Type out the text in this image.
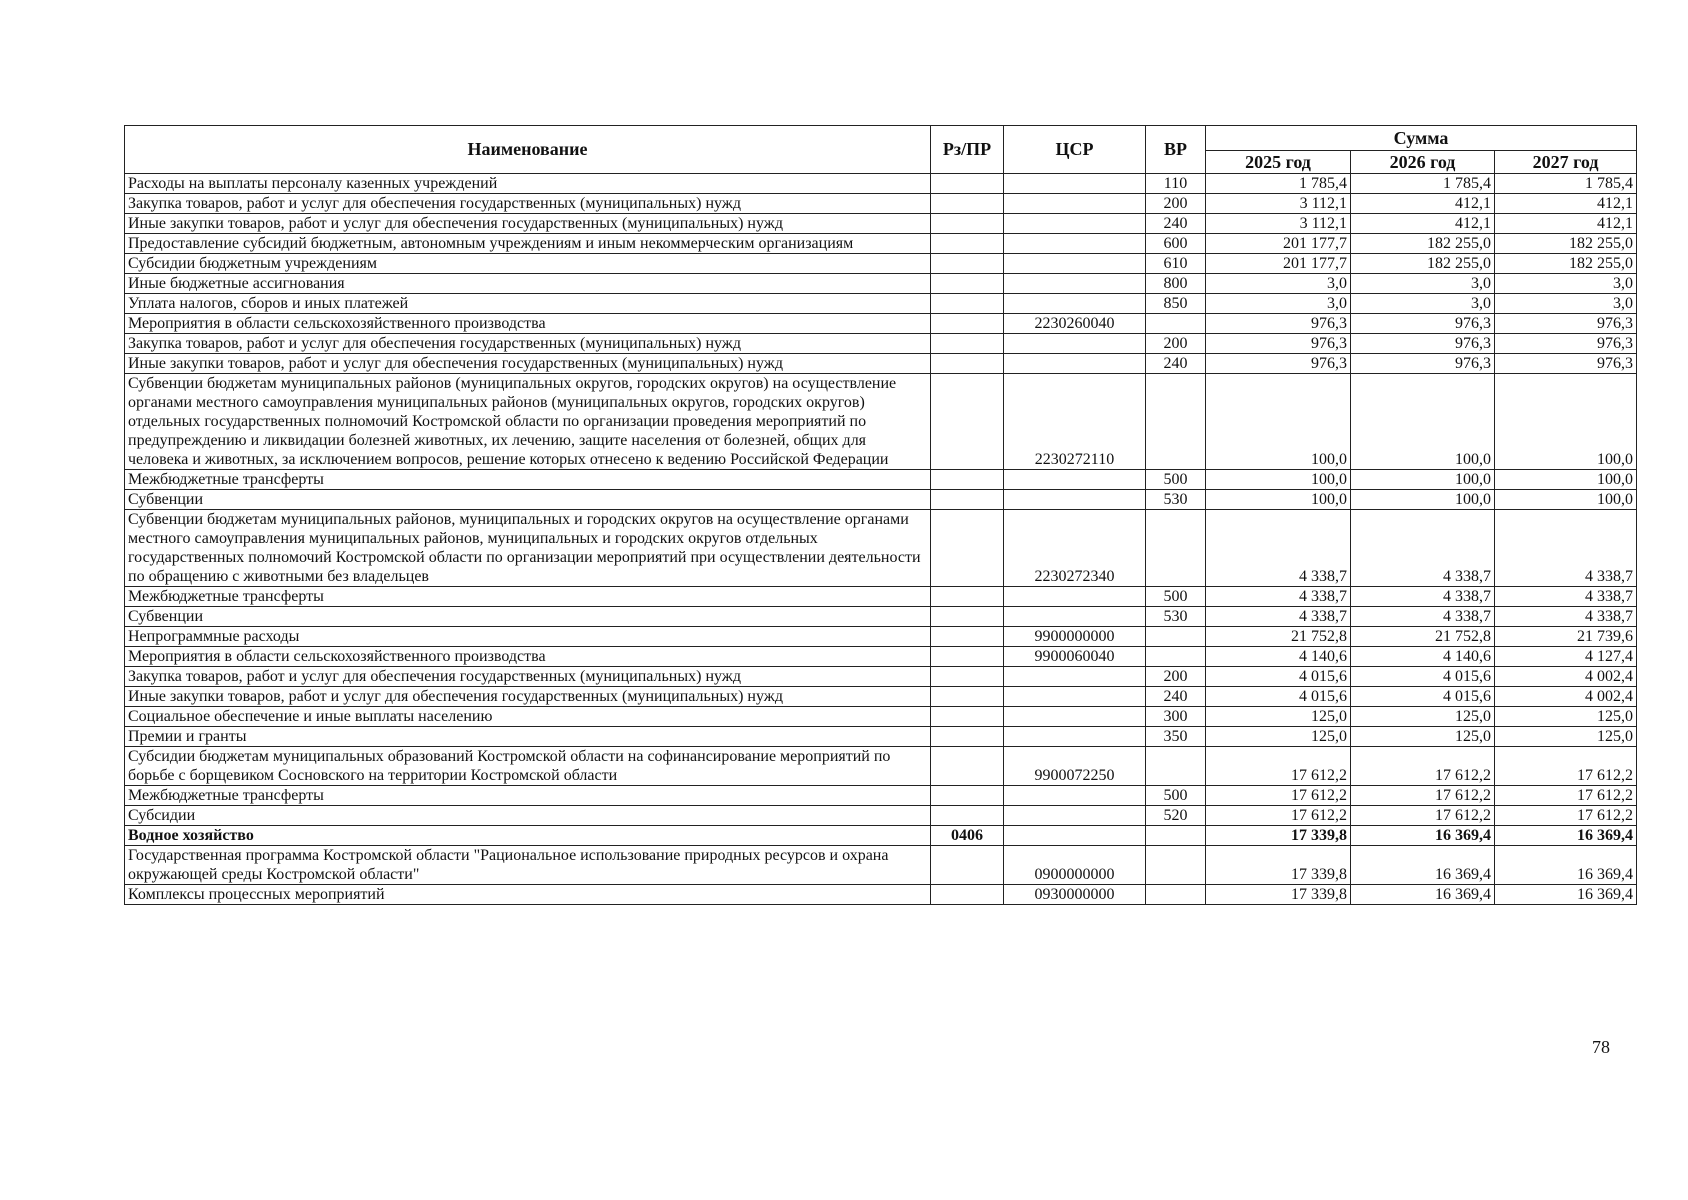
Наименование	Рз/ПР	ЦСР	ВР	Сумма		
				2025 год	2026 год	2027 год
Расходы на выплаты персоналу казенных учреждений			110	1 785,4	1 785,4	1 785,4
Закупка товаров, работ и услуг для обеспечения государственных (муниципальных) нужд			200	3 112,1	412,1	412,1
Иные закупки товаров, работ и услуг для обеспечения государственных (муниципальных) нужд			240	3 112,1	412,1	412,1
Предоставление субсидий бюджетным, автономным учреждениям и иным некоммерческим организациям			600	201 177,7	182 255,0	182 255,0
Субсидии бюджетным учреждениям			610	201 177,7	182 255,0	182 255,0
Иные бюджетные ассигнования			800	3,0	3,0	3,0
Уплата налогов, сборов и иных платежей			850	3,0	3,0	3,0
Мероприятия в области сельскохозяйственного производства		2230260040		976,3	976,3	976,3
Закупка товаров, работ и услуг для обеспечения государственных (муниципальных) нужд			200	976,3	976,3	976,3
Иные закупки товаров, работ и услуг для обеспечения государственных (муниципальных) нужд			240	976,3	976,3	976,3
Субвенции бюджетам муниципальных районов (муниципальных округов, городских округов) на осуществление органами местного самоуправления муниципальных районов (муниципальных округов, городских округов) отдельных государственных полномочий Костромской области по организации проведения мероприятий по предупреждению и ликвидации болезней животных, их лечению, защите населения от болезней, общих для человека и животных, за исключением вопросов, решение которых отнесено к ведению Российской Федерации		2230272110		100,0	100,0	100,0
Межбюджетные трансферты			500	100,0	100,0	100,0
Субвенции			530	100,0	100,0	100,0
Субвенции бюджетам муниципальных районов, муниципальных и городских округов на осуществление органами местного самоуправления муниципальных районов, муниципальных и городских округов отдельных государственных полномочий Костромской области по организации мероприятий при осуществлении деятельности по обращению с животными без владельцев		2230272340		4 338,7	4 338,7	4 338,7
Межбюджетные трансферты			500	4 338,7	4 338,7	4 338,7
Субвенции			530	4 338,7	4 338,7	4 338,7
Непрограммные расходы		9900000000		21 752,8	21 752,8	21 739,6
Мероприятия в области сельскохозяйственного производства		9900060040		4 140,6	4 140,6	4 127,4
Закупка товаров, работ и услуг для обеспечения государственных (муниципальных) нужд			200	4 015,6	4 015,6	4 002,4
Иные закупки товаров, работ и услуг для обеспечения государственных (муниципальных) нужд			240	4 015,6	4 015,6	4 002,4
Социальное обеспечение и иные выплаты населению			300	125,0	125,0	125,0
Премии и гранты			350	125,0	125,0	125,0
Субсидии бюджетам муниципальных образований Костромской области на софинансирование мероприятий по борьбе с борщевиком Сосновского на территории Костромской области		9900072250		17 612,2	17 612,2	17 612,2
Межбюджетные трансферты			500	17 612,2	17 612,2	17 612,2
Субсидии			520	17 612,2	17 612,2	17 612,2
Водное хозяйство	0406			17 339,8	16 369,4	16 369,4
Государственная программа Костромской области "Рациональное использование природных ресурсов и охрана окружающей среды Костромской области"		0900000000		17 339,8	16 369,4	16 369,4
Комплексы процессных мероприятий		0930000000		17 339,8	16 369,4	16 369,4
78
